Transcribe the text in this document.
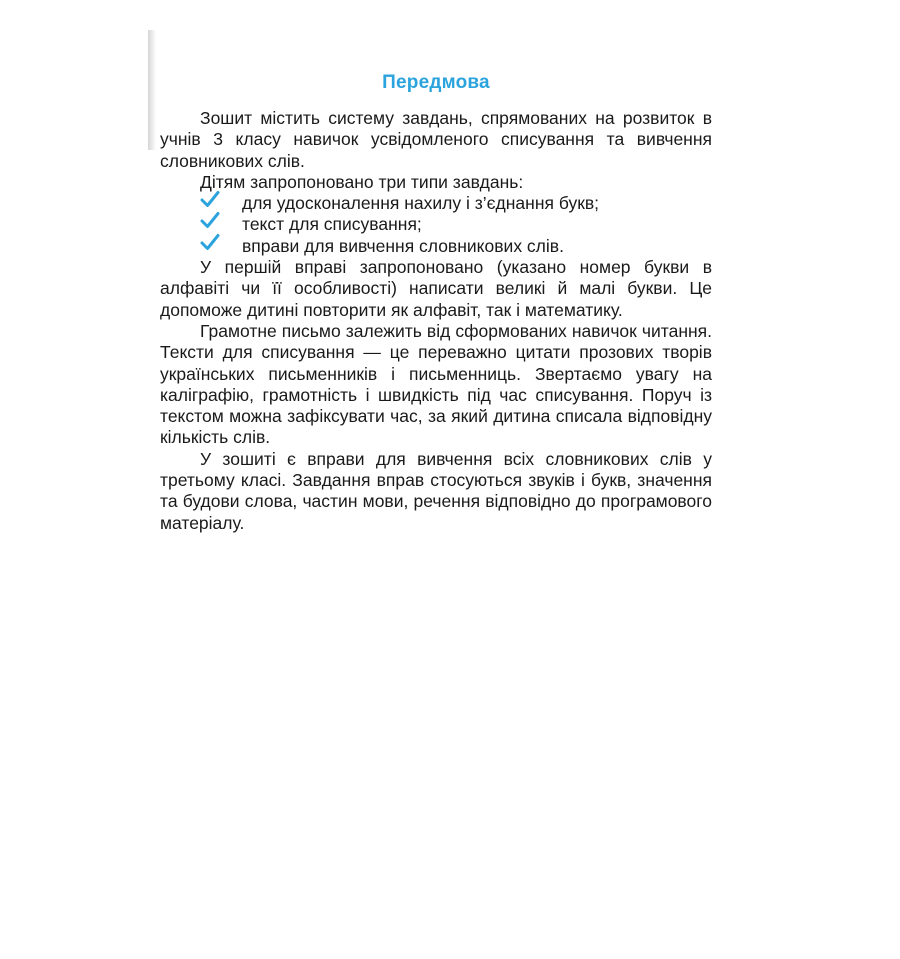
Передмова

Зошит містить систему завдань, спрямованих на розвиток в учнів 3 класу навичок усвідомленого списування та вивчення словникових слів.

Дітям запропоновано три типи завдань:

для удосконалення нахилу і з’єднання букв;
текст для списування;
вправи для вивчення словникових слів.

У першій вправі запропоновано (указано номер букви в алфавіті чи її особливості) написати великі й малі букви. Це допоможе дитині повторити як алфавіт, так і математику.

Грамотне письмо залежить від сформованих навичок читання. Тексти для списування — це переважно цитати прозових творів українських письменників і письменниць. Звертаємо увагу на каліграфію, грамотність і швидкість під час списування. Поруч із текстом можна зафіксувати час, за який дитина списала відповідну кількість слів.

У зошиті є вправи для вивчення всіх словникових слів у третьому класі. Завдання вправ стосуються звуків і букв, значення та будови слова, частин мови, речення відповідно до програмового матеріалу.
